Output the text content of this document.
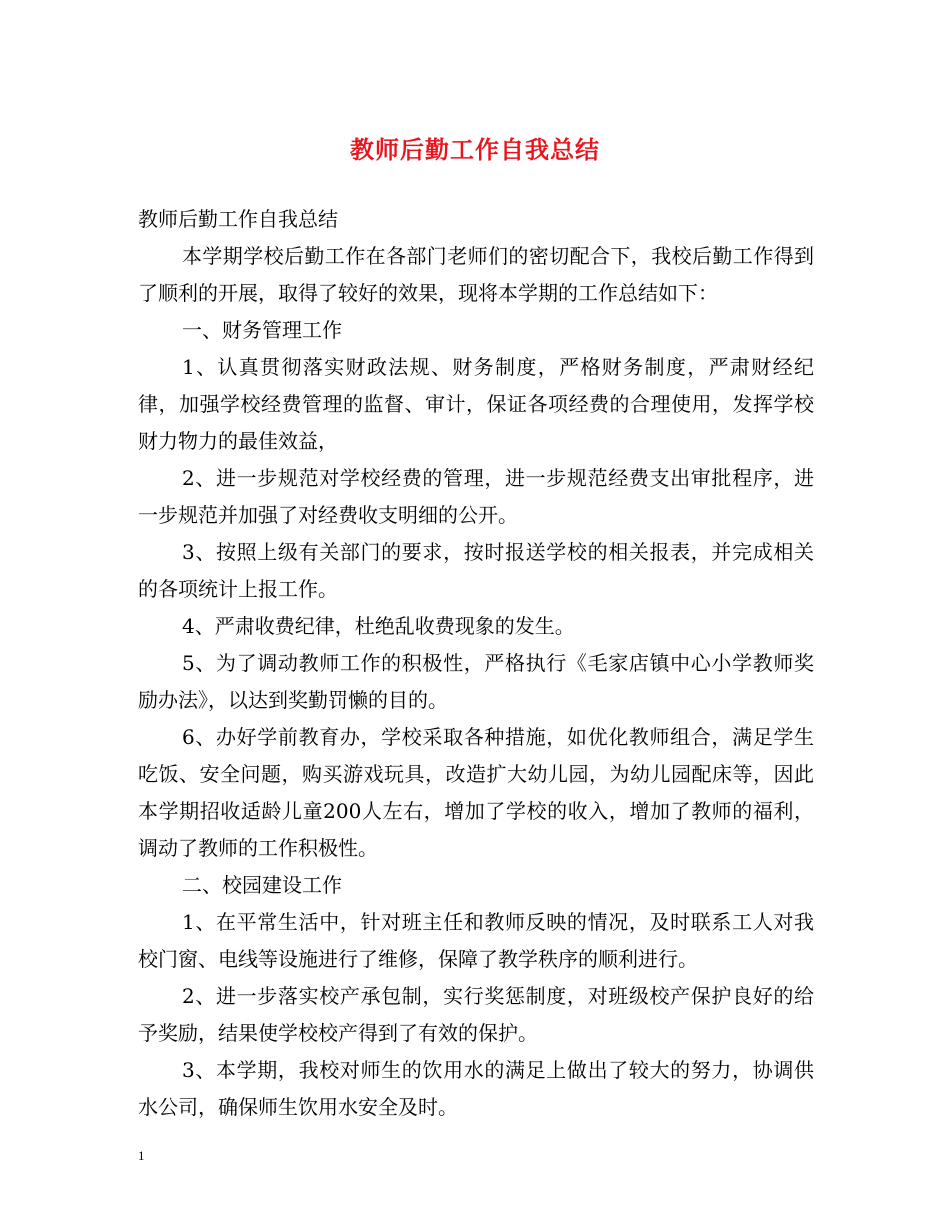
教师后勤工作自我总结

教师后勤工作自我总结

本学期学校后勤工作在各部门老师们的密切配合下，我校后勤工作得到了顺利的开展，取得了较好的效果，现将本学期的工作总结如下：

一、财务管理工作

1、认真贯彻落实财政法规、财务制度，严格财务制度，严肃财经纪律，加强学校经费管理的监督、审计，保证各项经费的合理使用，发挥学校财力物力的最佳效益，

2、进一步规范对学校经费的管理，进一步规范经费支出审批程序，进一步规范并加强了对经费收支明细的公开。

3、按照上级有关部门的要求，按时报送学校的相关报表，并完成相关的各项统计上报工作。

4、严肃收费纪律，杜绝乱收费现象的发生。

5、为了调动教师工作的积极性，严格执行《毛家店镇中心小学教师奖励办法》，以达到奖勤罚懒的目的。

6、办好学前教育办，学校采取各种措施，如优化教师组合，满足学生吃饭、安全问题，购买游戏玩具，改造扩大幼儿园，为幼儿园配床等，因此本学期招收适龄儿童200人左右，增加了学校的收入，增加了教师的福利，调动了教师的工作积极性。

二、校园建设工作

1、在平常生活中，针对班主任和教师反映的情况，及时联系工人对我校门窗、电线等设施进行了维修，保障了教学秩序的顺利进行。

2、进一步落实校产承包制，实行奖惩制度，对班级校产保护良好的给予奖励，结果使学校校产得到了有效的保护。

3、本学期，我校对师生的饮用水的满足上做出了较大的努力，协调供水公司，确保师生饮用水安全及时。

1
